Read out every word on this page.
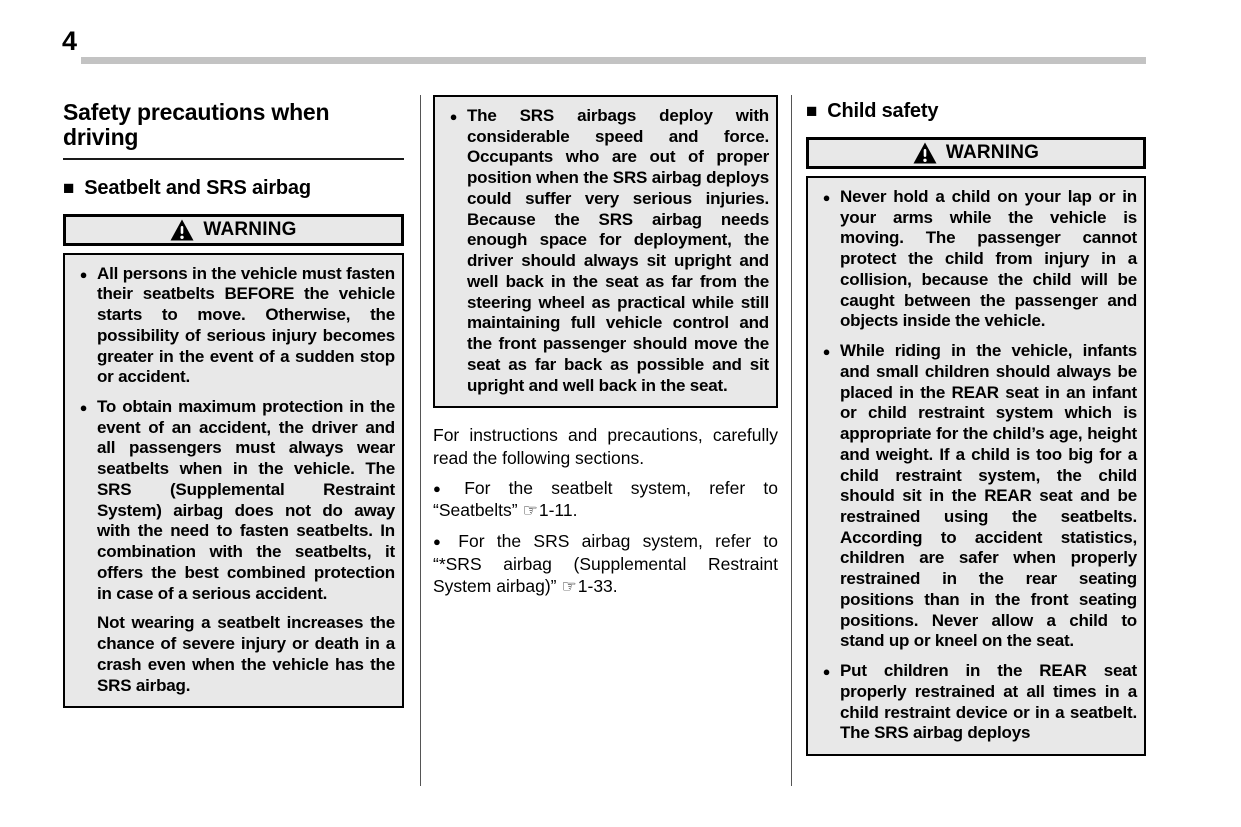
4
Safety precautions when driving
■ Seatbelt and SRS airbag
WARNING
● All persons in the vehicle must fasten their seatbelts BEFORE the vehicle starts to move. Otherwise, the possibility of serious injury becomes greater in the event of a sudden stop or accident.
● To obtain maximum protection in the event of an accident, the driver and all passengers must always wear seatbelts when in the vehicle. The SRS (Supplemental Restraint System) airbag does not do away with the need to fasten seatbelts. In combination with the seatbelts, it offers the best combined protection in case of a serious accident.
Not wearing a seatbelt increases the chance of severe injury or death in a crash even when the vehicle has the SRS airbag.
● The SRS airbags deploy with considerable speed and force. Occupants who are out of proper position when the SRS airbag deploys could suffer very serious injuries. Because the SRS airbag needs enough space for deployment, the driver should always sit upright and well back in the seat as far from the steering wheel as practical while still maintaining full vehicle control and the front passenger should move the seat as far back as possible and sit upright and well back in the seat.

For instructions and precautions, carefully read the following sections.

● For the seatbelt system, refer to “Seatbelts” ☞1-11.

● For the SRS airbag system, refer to “*SRS airbag (Supplemental Restraint System airbag)” ☞1-33.

■ Child safety
WARNING
● Never hold a child on your lap or in your arms while the vehicle is moving. The passenger cannot protect the child from injury in a collision, because the child will be caught between the passenger and objects inside the vehicle.
● While riding in the vehicle, infants and small children should always be placed in the REAR seat in an infant or child restraint system which is appropriate for the child’s age, height and weight. If a child is too big for a child restraint system, the child should sit in the REAR seat and be restrained using the seatbelts. According to accident statistics, children are safer when properly restrained in the rear seating positions than in the front seating positions. Never allow a child to stand up or kneel on the seat.
● Put children in the REAR seat properly restrained at all times in a child restraint device or in a seatbelt. The SRS airbag deploys
